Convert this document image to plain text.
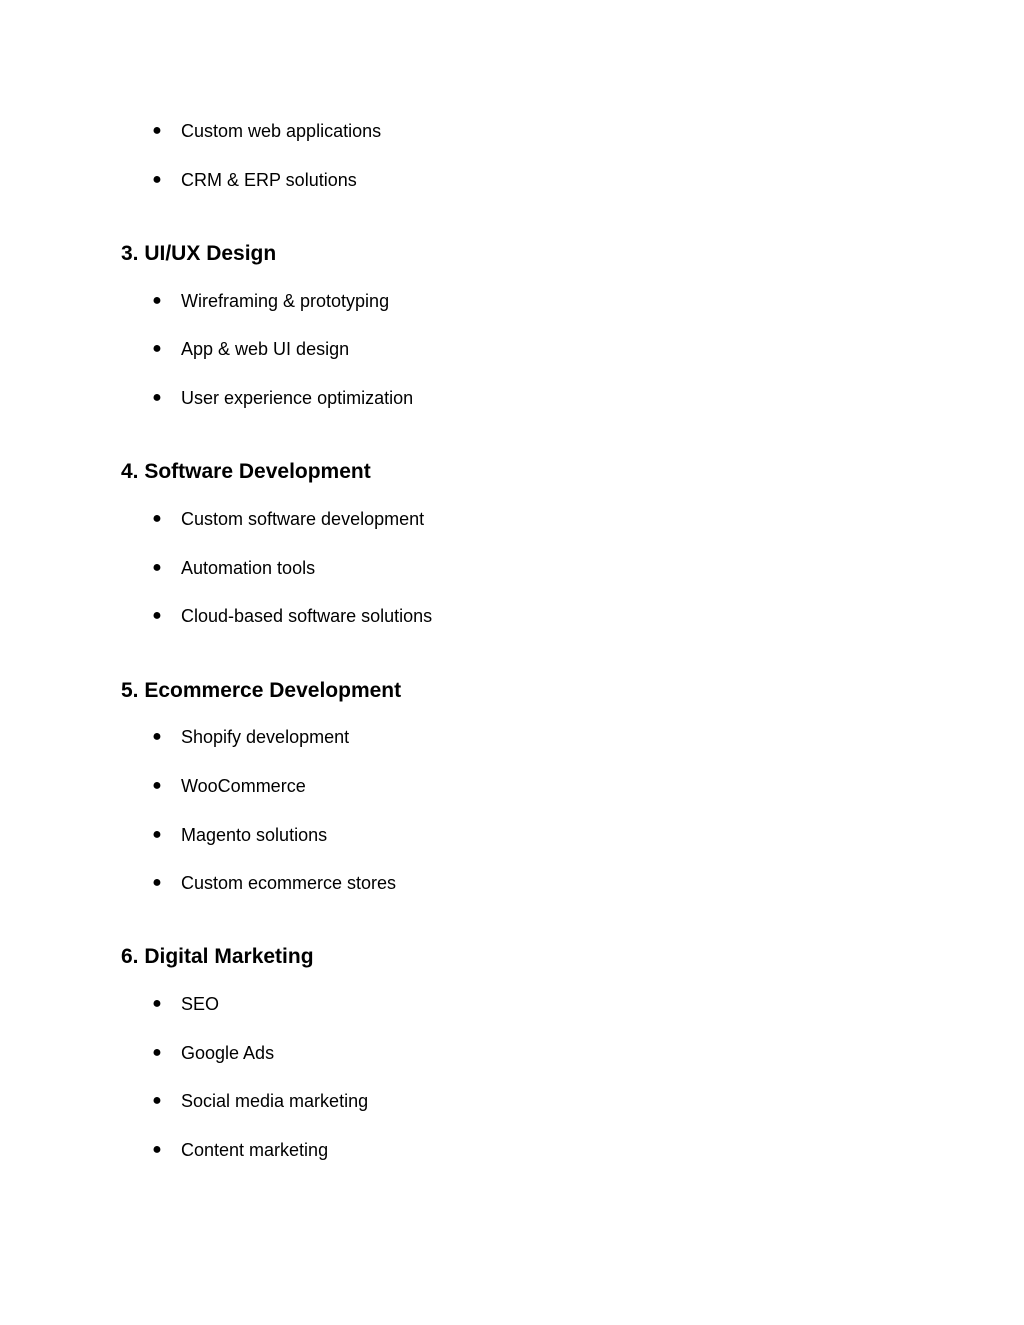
● Custom web applications
● CRM & ERP solutions
3. UI/UX Design
● Wireframing & prototyping
● App & web UI design
● User experience optimization
4. Software Development
● Custom software development
● Automation tools
● Cloud-based software solutions
5. Ecommerce Development
● Shopify development
● WooCommerce
● Magento solutions
● Custom ecommerce stores
6. Digital Marketing
● SEO
● Google Ads
● Social media marketing
● Content marketing
